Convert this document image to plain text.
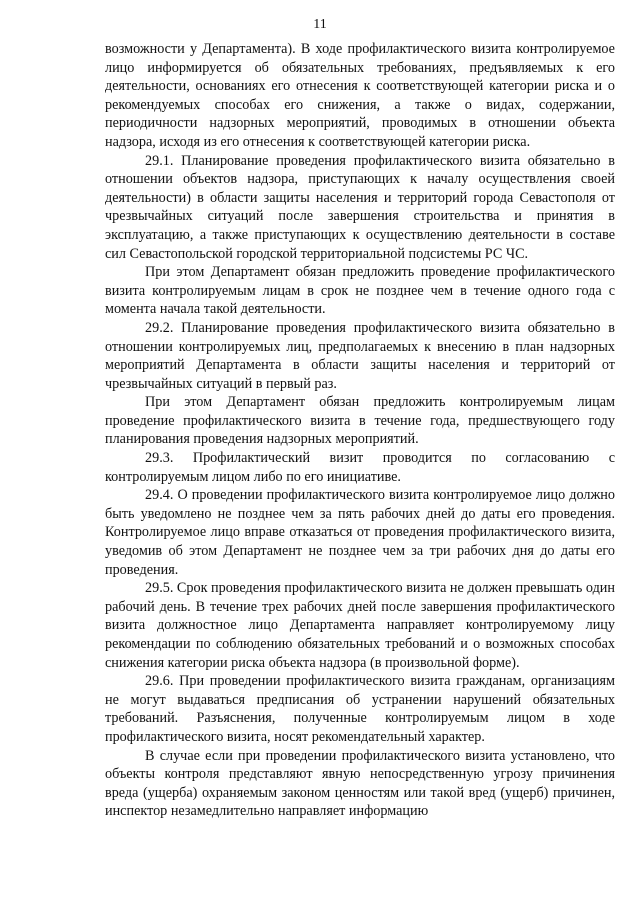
11

возможности у Департамента). В ходе профилактического визита контролируемое лицо информируется об обязательных требованиях, предъявляемых к его деятельности, основаниях его отнесения к соответствующей категории риска и о рекомендуемых способах его снижения, а также о видах, содержании, периодичности надзорных мероприятий, проводимых в отношении объекта надзора, исходя из его отнесения к соответствующей категории риска.

29.1. Планирование проведения профилактического визита обязательно в отношении объектов надзора, приступающих к началу осуществления своей деятельности) в области защиты населения и территорий города Севастополя от чрезвычайных ситуаций после завершения строительства и принятия в эксплуатацию, а также приступающих к осуществлению деятельности в составе сил Севастопольской городской территориальной подсистемы РС ЧС.

При этом Департамент обязан предложить проведение профилактического визита контролируемым лицам в срок не позднее чем в течение одного года с момента начала такой деятельности.

29.2. Планирование проведения профилактического визита обязательно в отношении контролируемых лиц, предполагаемых к внесению в план надзорных мероприятий Департамента в области защиты населения и территорий от чрезвычайных ситуаций в первый раз.

При этом Департамент обязан предложить контролируемым лицам проведение профилактического визита в течение года, предшествующего году планирования проведения надзорных мероприятий.

29.3. Профилактический визит проводится по согласованию с контролируемым лицом либо по его инициативе.

29.4. О проведении профилактического визита контролируемое лицо должно быть уведомлено не позднее чем за пять рабочих дней до даты его проведения. Контролируемое лицо вправе отказаться от проведения профилактического визита, уведомив об этом Департамент не позднее чем за три рабочих дня до даты его проведения.

29.5. Срок проведения профилактического визита не должен превышать один рабочий день. В течение трех рабочих дней после завершения профилактического визита должностное лицо Департамента направляет контролируемому лицу рекомендации по соблюдению обязательных требований и о возможных способах снижения категории риска объекта надзора (в произвольной форме).

29.6. При проведении профилактического визита гражданам, организациям не могут выдаваться предписания об устранении нарушений обязательных требований. Разъяснения, полученные контролируемым лицом в ходе профилактического визита, носят рекомендательный характер.

В случае если при проведении профилактического визита установлено, что объекты контроля представляют явную непосредственную угрозу причинения вреда (ущерба) охраняемым законом ценностям или такой вред (ущерб) причинен, инспектор незамедлительно направляет информацию
